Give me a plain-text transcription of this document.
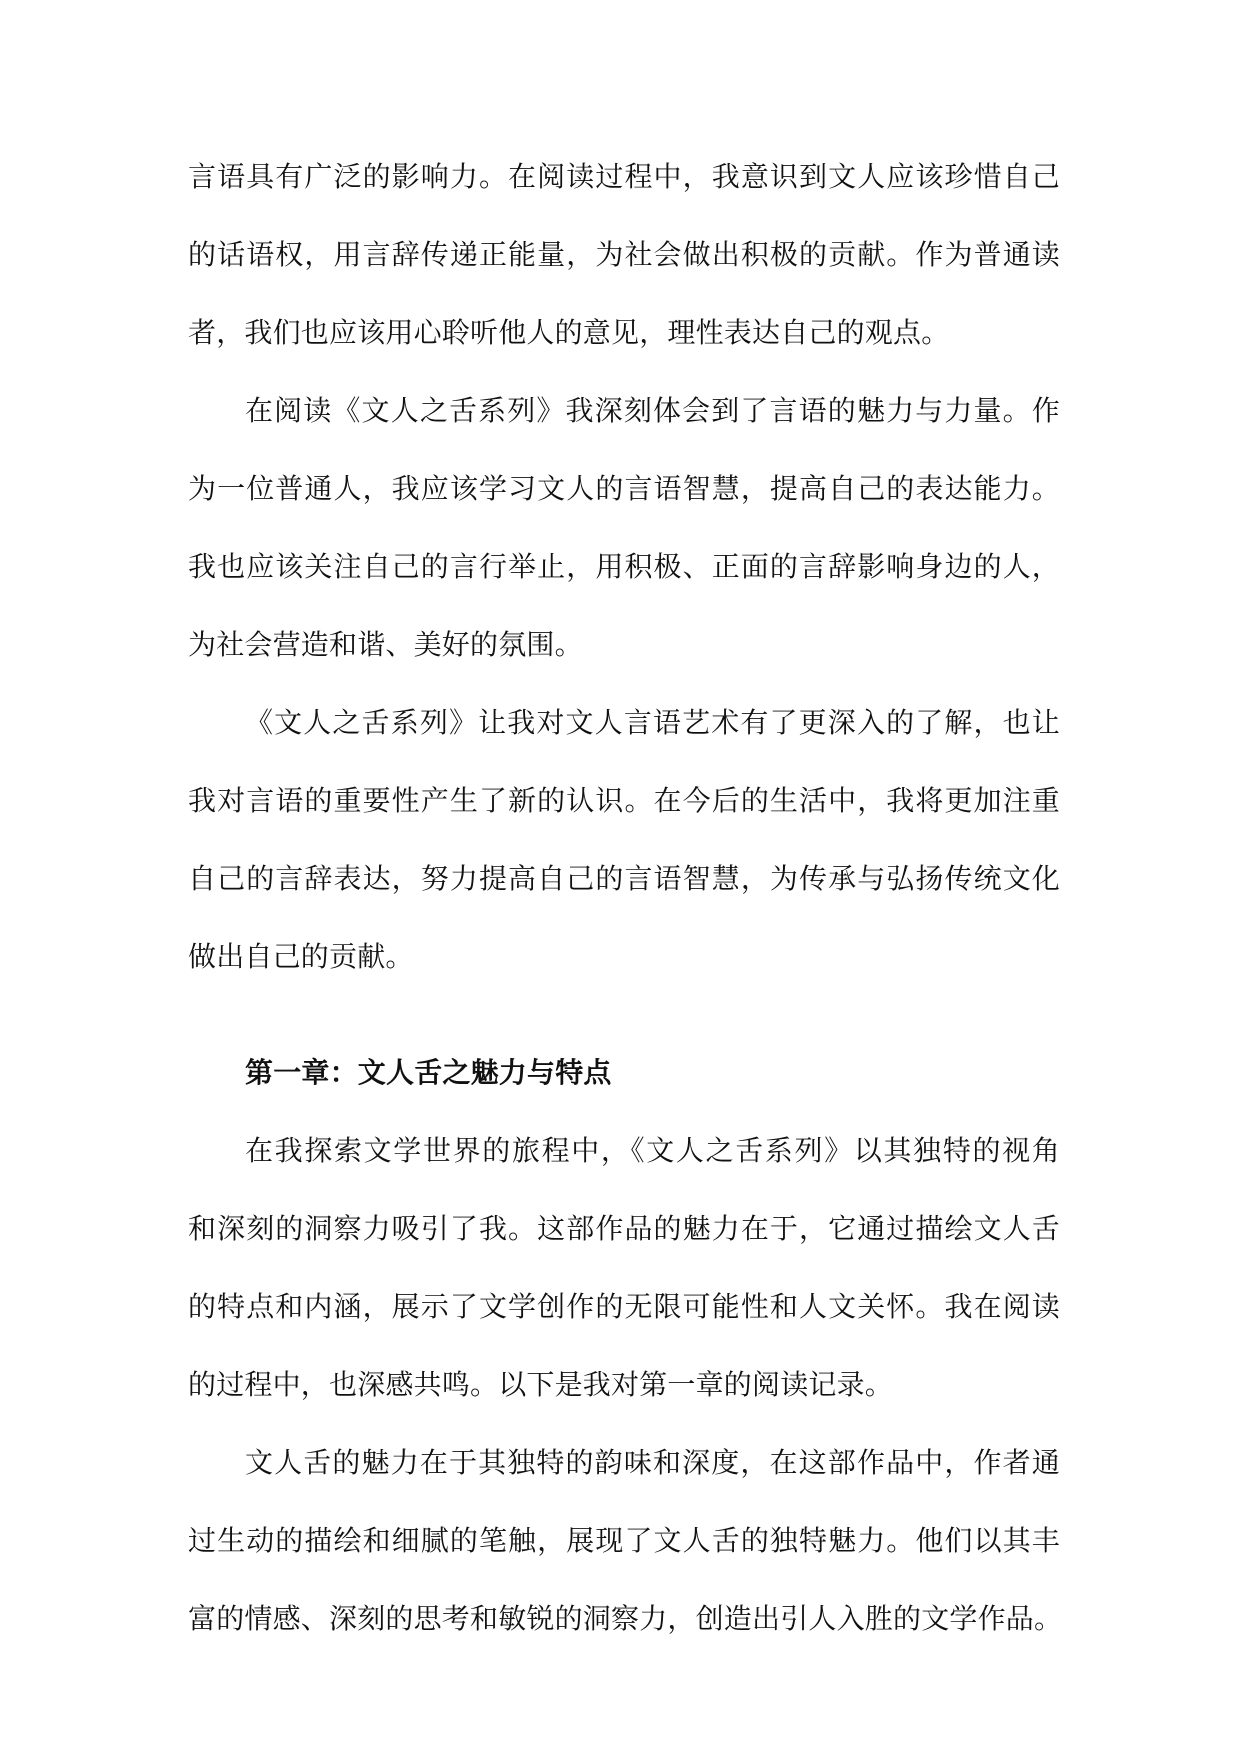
言语具有广泛的影响力。在阅读过程中，我意识到文人应该珍惜自己
的话语权，用言辞传递正能量，为社会做出积极的贡献。作为普通读
者，我们也应该用心聆听他人的意见，理性表达自己的观点。
在阅读《文人之舌系列》我深刻体会到了言语的魅力与力量。作
为一位普通人，我应该学习文人的言语智慧，提高自己的表达能力。
我也应该关注自己的言行举止，用积极、正面的言辞影响身边的人，
为社会营造和谐、美好的氛围。
《文人之舌系列》让我对文人言语艺术有了更深入的了解，也让
我对言语的重要性产生了新的认识。在今后的生活中，我将更加注重
自己的言辞表达，努力提高自己的言语智慧，为传承与弘扬传统文化
做出自己的贡献。
第一章：文人舌之魅力与特点
在我探索文学世界的旅程中，《文人之舌系列》以其独特的视角
和深刻的洞察力吸引了我。这部作品的魅力在于，它通过描绘文人舌
的特点和内涵，展示了文学创作的无限可能性和人文关怀。我在阅读
的过程中，也深感共鸣。以下是我对第一章的阅读记录。
文人舌的魅力在于其独特的韵味和深度，在这部作品中，作者通
过生动的描绘和细腻的笔触，展现了文人舌的独特魅力。他们以其丰
富的情感、深刻的思考和敏锐的洞察力，创造出引人入胜的文学作品。
